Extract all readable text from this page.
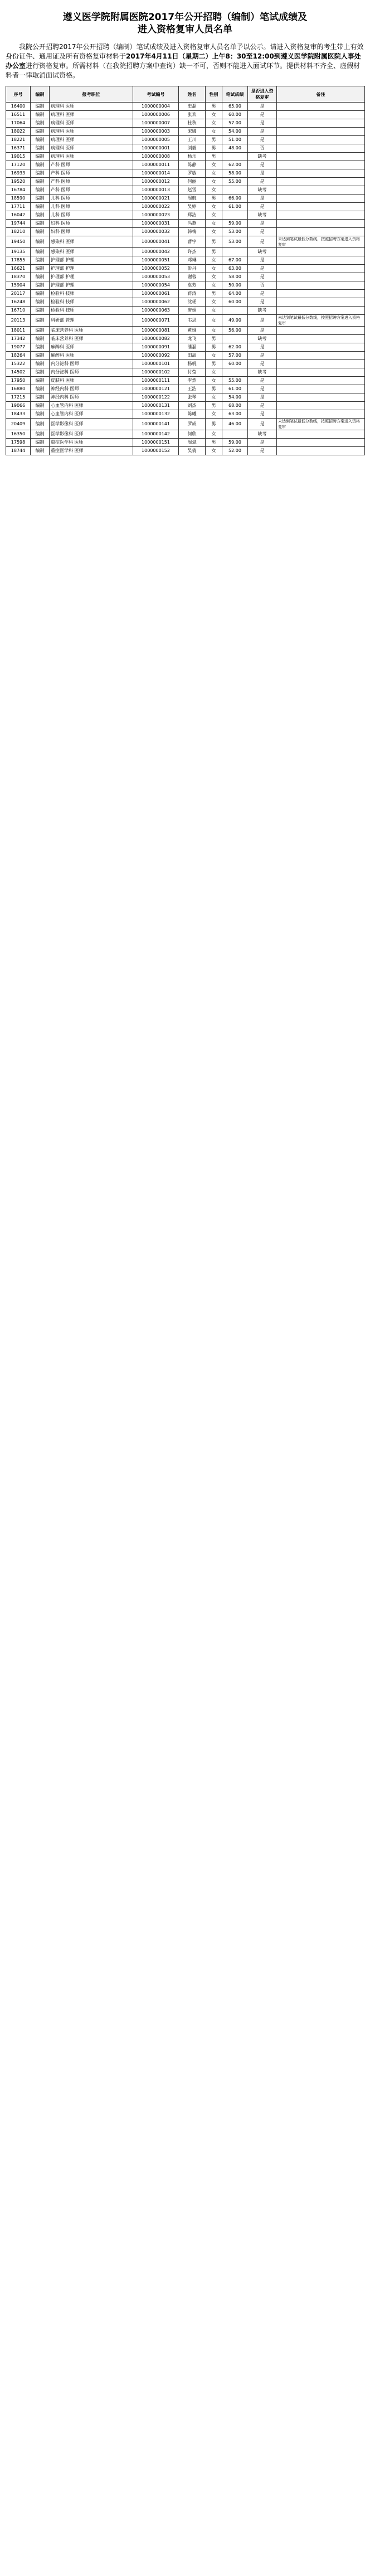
遵义医学院附属医院2017年公开招聘（编制）笔试成绩及
进入资格复审人员名单

我院公开招聘2017年公开招聘（编制）笔试成绩及进入资格复审人员名单予以公示。请进入资格复审的考生带上有效身份证件、通用证及所有资格复审材料于2017年4月11日（星期二）上午8：30至12:00到遵义医学院附属医院人事处办公室进行资格复审。所需材料（在我院招聘方案中查询）缺一不可，否则不能进入面试环节。提供材料不齐全、虚假材料者一律取消面试资格。

序号	编制	报考职位	考试编号	姓名	性别	笔试成绩	是否进入资格复审	备注
16400	编制	病理科 医师	1000000004	史磊	男	65.00	是	
16511	编制	病理科 医师	1000000006	张欢	女	60.00	是	
17064	编制	病理科 医师	1000000007	杜秋	女	57.00	是	
18022	编制	病理科 医师	1000000003	宋娜	女	54.00	是	
18221	编制	病理科 医师	1000000005	王川	男	51.00	是	
16371	编制	病理科 医师	1000000001	刘毅	男	48.00	否	
19015	编制	病理科 医师	1000000008	杨乐	男		缺考	
17120	编制	产科 医师	1000000011	陈静	女	62.00	是	
16933	编制	产科 医师	1000000014	罗敏	女	58.00	是	
19520	编制	产科 医师	1000000012	何丽	女	55.00	是	
16784	编制	产科 医师	1000000013	赵雪	女		缺考	
18590	编制	儿科 医师	1000000021	周航	男	66.00	是	
17711	编制	儿科 医师	1000000022	吴婷	女	61.00	是	
16042	编制	儿科 医师	1000000023	郑洁	女		缺考	
19744	编制	妇科 医师	1000000031	冯燕	女	59.00	是	
18210	编制	妇科 医师	1000000032	韩梅	女	53.00	是	
19450	编制	感染科 医师	1000000041	曹宇	男	53.00	是	未达到笔试最低分数线，按照招聘方案进入资格复审
19135	编制	感染科 医师	1000000042	许杰	男		缺考	
17855	编制	护理部 护理	1000000051	邓琳	女	67.00	是	
16621	编制	护理部 护理	1000000052	彭丹	女	63.00	是	
18370	编制	护理部 护理	1000000053	谢蓉	女	58.00	是	
15904	编制	护理部 护理	1000000054	袁芳	女	50.00	否	
20117	编制	检验科 技师	1000000061	蒋涛	男	64.00	是	
16248	编制	检验科 技师	1000000062	沈瑶	女	60.00	是	
16710	编制	检验科 技师	1000000063	唐娟	女		缺考	
20113	编制	科研部 管理	1000000071	韦思	女	49.00	是	未达到笔试最低分数线，按照招聘方案进入资格复审
18011	编制	临床营养科 医师	1000000081	黄娅	女	56.00	是	
17342	编制	临床营养科 医师	1000000082	龙飞	男		缺考	
19077	编制	麻醉科 医师	1000000091	潘磊	男	62.00	是	
18264	编制	麻醉科 医师	1000000092	田甜	女	57.00	是	
15322	编制	内分泌科 医师	1000000101	杨帆	男	60.00	是	
14502	编制	内分泌科 医师	1000000102	付莹	女		缺考	
17950	编制	皮肤科 医师	1000000111	李然	女	55.00	是	
16880	编制	神经内科 医师	1000000121	王浩	男	61.00	是	
17215	编制	神经内科 医师	1000000122	张琴	女	54.00	是	
19066	编制	心血管内科 医师	1000000131	刘杰	男	68.00	是	
18433	编制	心血管内科 医师	1000000132	陈曦	女	63.00	是	
20409	编制	医学影像科 医师	1000000141	罗成	男	46.00	是	未达到笔试最低分数线，按照招聘方案进入资格复审
16350	编制	医学影像科 医师	1000000142	何欣	女		缺考	
17598	编制	重症医学科 医师	1000000151	周斌	男	59.00	是	
18744	编制	重症医学科 医师	1000000152	吴倩	女	52.00	是	
